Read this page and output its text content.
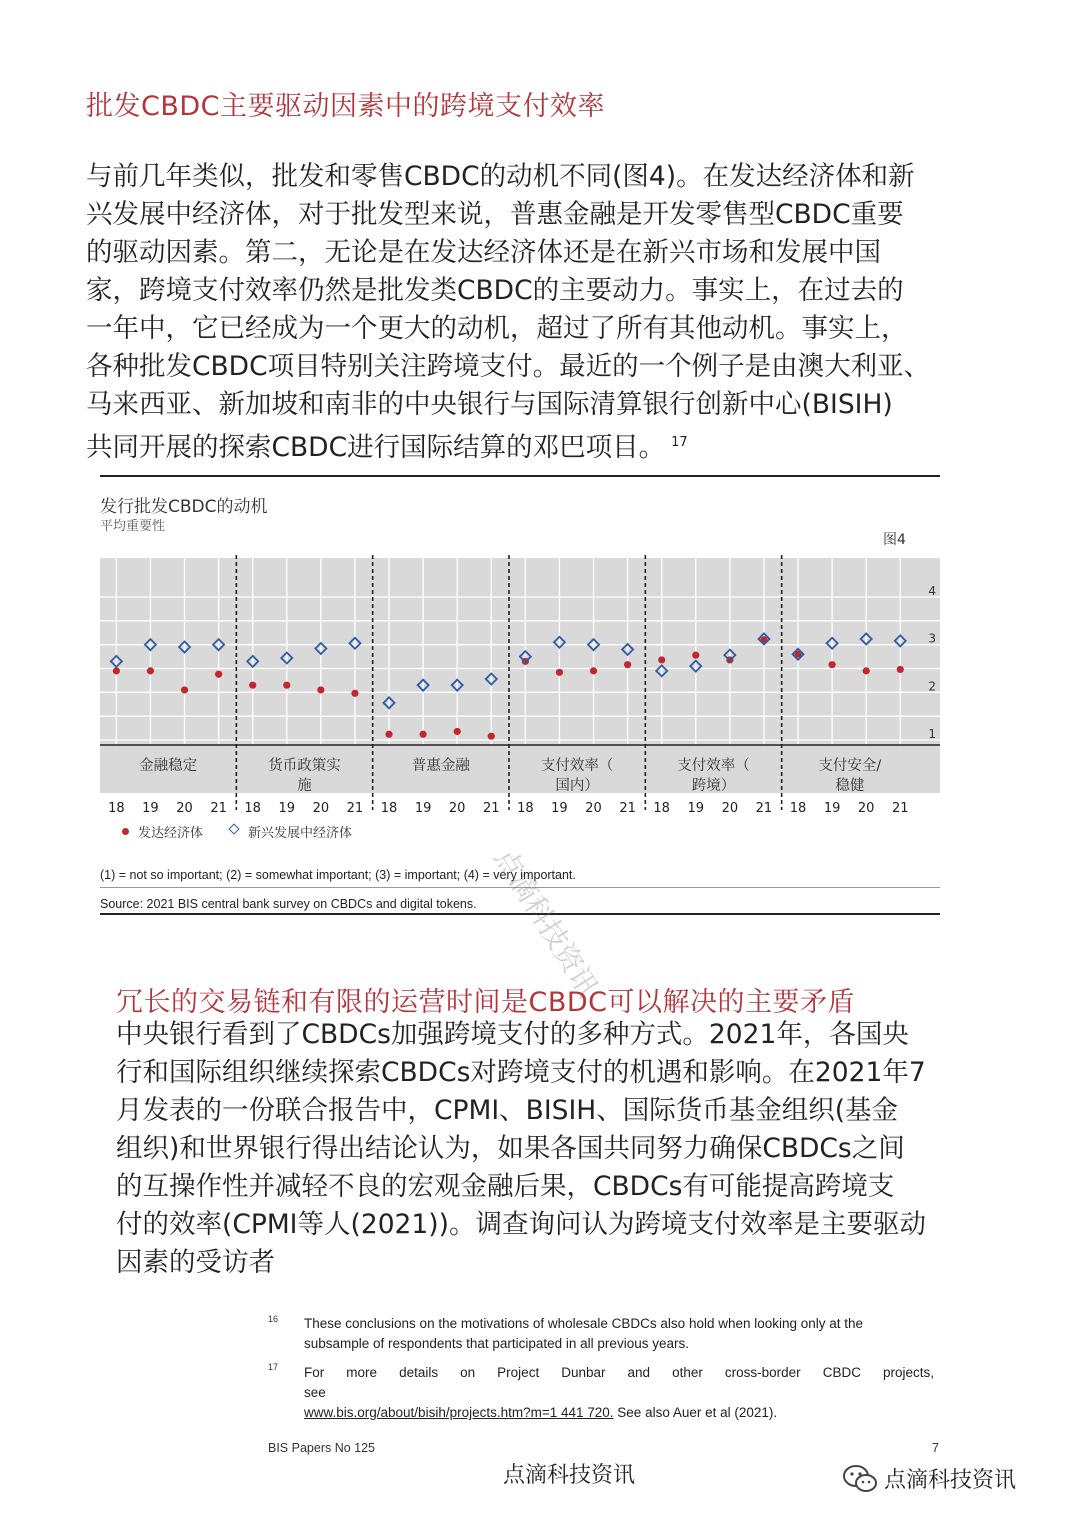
批发CBDC主要驱动因素中的跨境支付效率
与前几年类似，批发和零售CBDC的动机不同(图4)。在发达经济体和新
兴发展中经济体，对于批发型来说，普惠金融是开发零售型CBDC重要
的驱动因素。第二，无论是在发达经济体还是在新兴市场和发展中国
家，跨境支付效率仍然是批发类CBDC的主要动力。事实上，在过去的
一年中，它已经成为一个更大的动机，超过了所有其他动机。事实上，
各种批发CBDC项目特别关注跨境支付。最近的一个例子是由澳大利亚、
马来西亚、新加坡和南非的中央银行与国际清算银行创新中心(BISIH)
共同开展的探索CBDC进行国际结算的邓巴项目。 $^{17}$
发行批发CBDC的动机
平均重要性
图4
1
2
3
4
金融稳定
18 19 20 21
货币政策实
施
18 19 20 21
普惠金融
18 19 20 21
支付效率（
国内）
18 19 20 21
支付效率（
跨境）
18 19 20 21
支付安全/
稳健
18 19 20 21
发达经济体	新兴发展中经济体
(1) = not so important; (2) = somewhat important; (3) = important; (4) = very important.
Source: 2021 BIS central bank survey on CBDCs and digital tokens. 点滴科技资讯
冗长的交易链和有限的运营时间是CBDC可以解决的主要矛盾
中央银行看到了CBDCs加强跨境支付的多种方式。2021年，各国央
行和国际组织继续探索CBDCs对跨境支付的机遇和影响。在2021年7
月发表的一份联合报告中，CPMI、BISIH、国际货币基金组织(基金
组织)和世界银行得出结论认为，如果各国共同努力确保CBDCs之间
的互操作性并减轻不良的宏观金融后果，CBDCs有可能提高跨境支
付的效率(CPMI等人(2021))。调查询问认为跨境支付效率是主要驱动
因素的受访者
16 These conclusions on the motivations of wholesale CBDCs also hold when looking only at the
subsample of respondents that participated in all previous years.
17 For more details on Project Dunbar and other cross-border CBDC projects, see
www.bis.org/about/bisih/projects.htm?m=1 441 720. See also Auer et al (2021).
BIS Papers No 125	7
点滴科技资讯	点滴科技资讯
